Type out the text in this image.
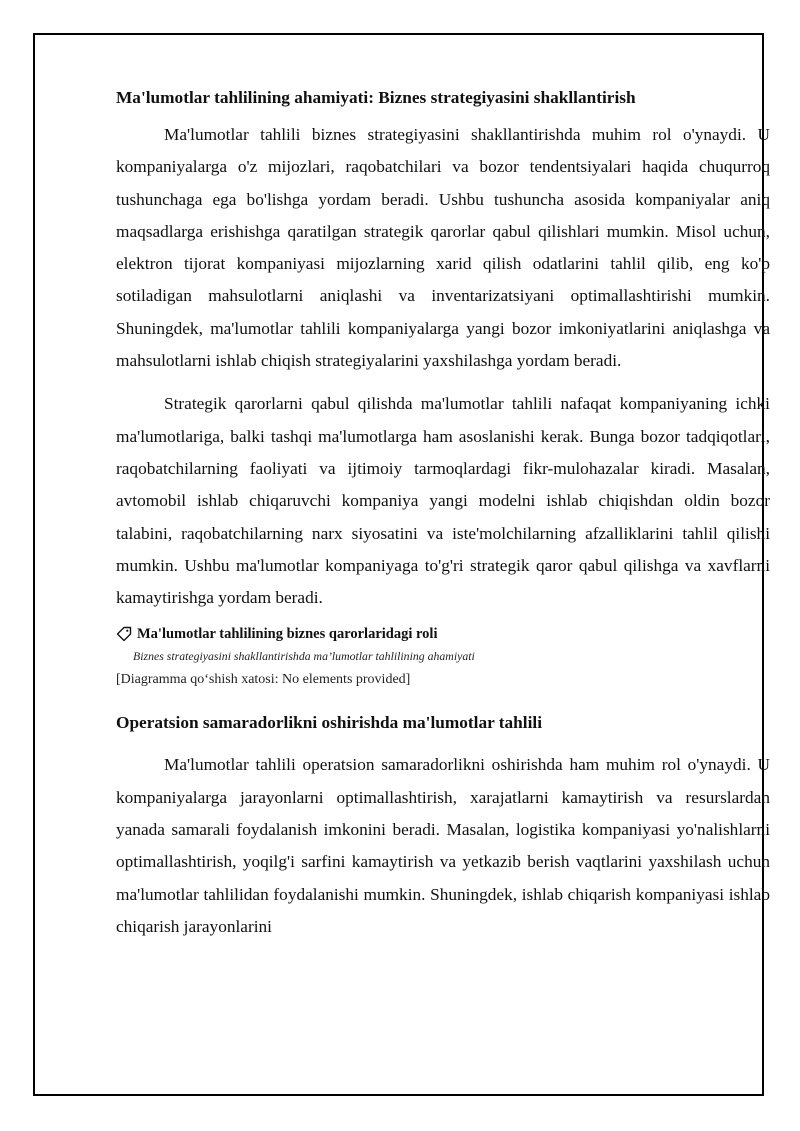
Ma'lumotlar tahlilining ahamiyati: Biznes strategiyasini shakllantirish

Ma'lumotlar tahlili biznes strategiyasini shakllantirishda muhim rol o'ynaydi. U kompaniyalarga o'z mijozlari, raqobatchilari va bozor tendentsiyalari haqida chuqurroq tushunchaga ega bo'lishga yordam beradi. Ushbu tushuncha asosida kompaniyalar aniq maqsadlarga erishishga qaratilgan strategik qarorlar qabul qilishlari mumkin. Misol uchun, elektron tijorat kompaniyasi mijozlarning xarid qilish odatlarini tahlil qilib, eng ko'p sotiladigan mahsulotlarni aniqlashi va inventarizatsiyani optimallashtirishi mumkin. Shuningdek, ma'lumotlar tahlili kompaniyalarga yangi bozor imkoniyatlarini aniqlashga va mahsulotlarni ishlab chiqish strategiyalarini yaxshilashga yordam beradi.

Strategik qarorlarni qabul qilishda ma'lumotlar tahlili nafaqat kompaniyaning ichki ma'lumotlariga, balki tashqi ma'lumotlarga ham asoslanishi kerak. Bunga bozor tadqiqotlari, raqobatchilarning faoliyati va ijtimoiy tarmoqlardagi fikr-mulohazalar kiradi. Masalan, avtomobil ishlab chiqaruvchi kompaniya yangi modelni ishlab chiqishdan oldin bozor talabini, raqobatchilarning narx siyosatini va iste'molchilarning afzalliklarini tahlil qilishi mumkin. Ushbu ma'lumotlar kompaniyaga to'g'ri strategik qaror qabul qilishga va xavflarni kamaytirishga yordam beradi.

Ma'lumotlar tahlilining biznes qarorlaridagi roli
Biznes strategiyasini shakllantirishda ma’lumotlar tahlilining ahamiyati
[Diagramma qo‘shish xatosi: No elements provided]
Operatsion samaradorlikni oshirishda ma'lumotlar tahlili

Ma'lumotlar tahlili operatsion samaradorlikni oshirishda ham muhim rol o'ynaydi. U kompaniyalarga jarayonlarni optimallashtirish, xarajatlarni kamaytirish va resurslardan yanada samarali foydalanish imkonini beradi. Masalan, logistika kompaniyasi yo'nalishlarni optimallashtirish, yoqilg'i sarfini kamaytirish va yetkazib berish vaqtlarini yaxshilash uchun ma'lumotlar tahlilidan foydalanishi mumkin. Shuningdek, ishlab chiqarish kompaniyasi ishlab chiqarish jarayonlarini
